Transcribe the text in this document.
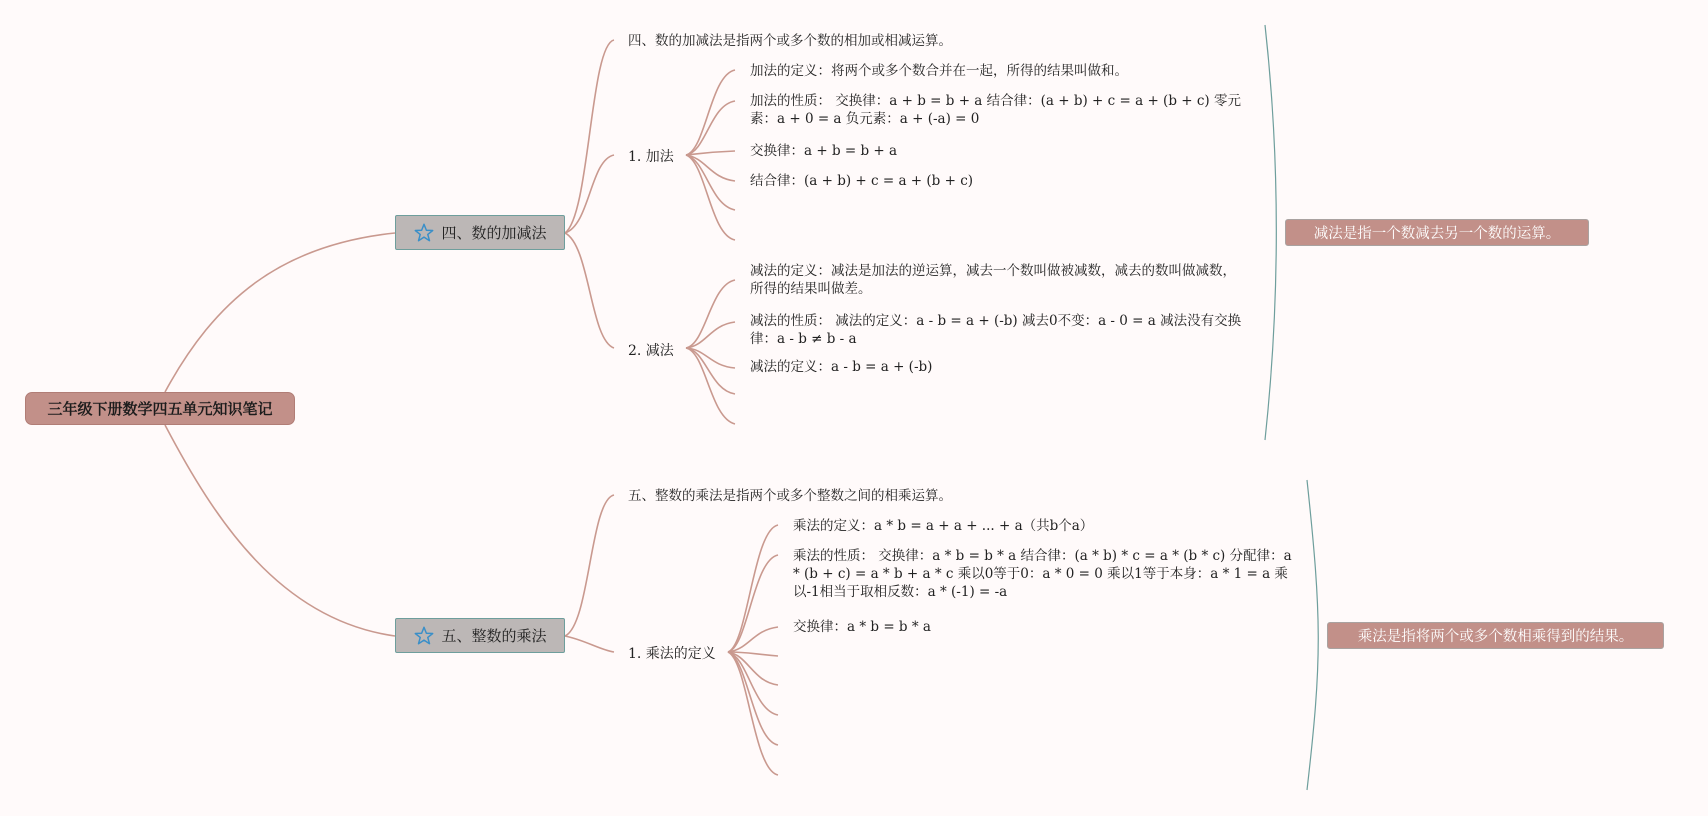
三年级下册数学四五单元知识笔记
四、数的加减法
四、数的加减法是指两个或多个数的相加或相减运算。
1. 加法
2. 减法
加法的定义：将两个或多个数合并在一起，所得的结果叫做和。
加法的性质： 交换律：a + b = b + a 结合律：(a + b) + c = a + (b + c) 零元素：a + 0 = a 负元素：a + (-a) = 0
交换律：a + b = b + a
结合律：(a + b) + c = a + (b + c)
减法的定义：减法是加法的逆运算，减去一个数叫做被减数，减去的数叫做减数，所得的结果叫做差。
减法的性质： 减法的定义：a - b = a + (-b) 减去0不变：a - 0 = a 减法没有交换律：a - b ≠ b - a
减法的定义：a - b = a + (-b)
减法是指一个数减去另一个数的运算。
五、整数的乘法
五、整数的乘法是指两个或多个整数之间的相乘运算。
1. 乘法的定义
乘法的定义：a * b = a + a + ... + a（共b个a）
乘法的性质： 交换律：a * b = b * a 结合律：(a * b) * c = a * (b * c) 分配律：a * (b + c) = a * b + a * c 乘以0等于0：a * 0 = 0 乘以1等于本身：a * 1 = a 乘以-1相当于取相反数：a * (-1) = -a
交换律：a * b = b * a
乘法是指将两个或多个数相乘得到的结果。
